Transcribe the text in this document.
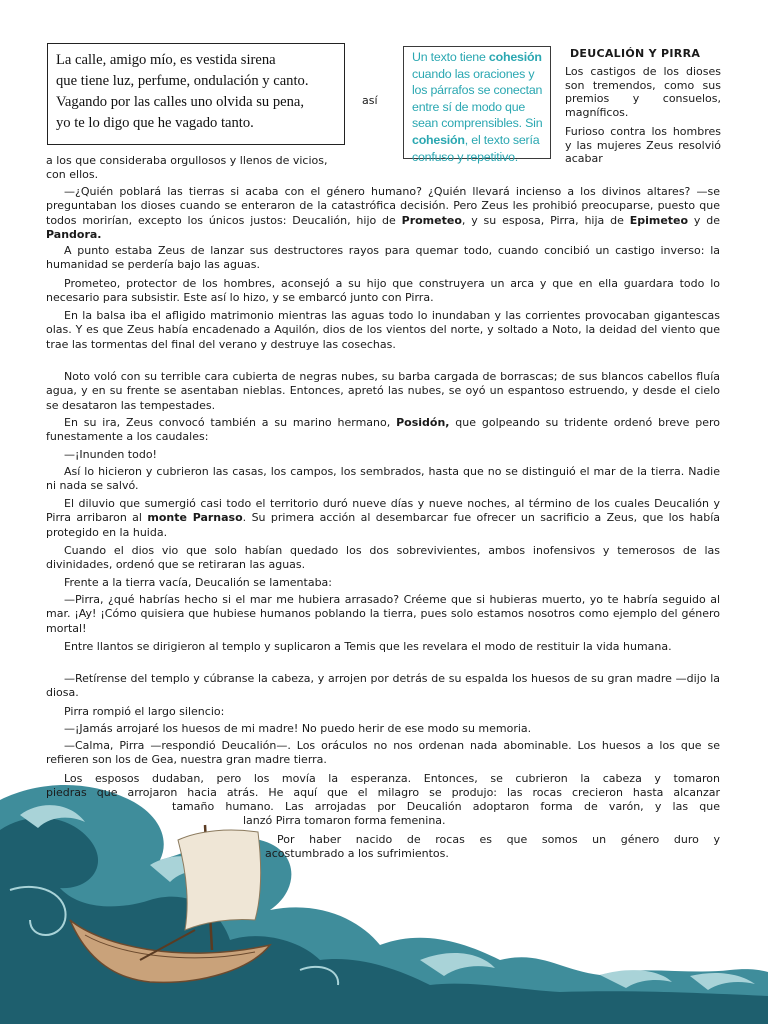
La calle, amigo mío, es vestida sirena
que tiene luz, perfume, ondulación y canto.
Vagando por las calles uno olvida su pena,
yo te lo digo que he vagado tanto.
así
Un texto tiene cohesión
cuando las oraciones y
los párrafos se conectan
entre sí de modo que
sean comprensibles. Sin
cohesión, el texto sería
confuso y repetitivo.
DEUCALIÓN Y PIRRA
Los castigos de los dioses son tremendos, como sus premios y consuelos, magníficos.
Furioso contra los hombres y las mujeres Zeus resolvió acabar
a los que consideraba orgullosos y llenos de vicios,
con ellos.

—¿Quién poblará las tierras si acaba con el género humano? ¿Quién llevará incienso a los divinos altares? —se preguntaban los dioses cuando se enteraron de la catastrófica decisión. Pero Zeus les prohibió preocuparse, puesto que todos morirían, excepto los únicos justos: Deucalión, hijo de Prometeo, y su esposa, Pirra, hija de Epimeteo y de Pandora.

A punto estaba Zeus de lanzar sus destructores rayos para quemar todo, cuando concibió un castigo inverso: la humanidad se perdería bajo las aguas.

Prometeo, protector de los hombres, aconsejó a su hijo que construyera un arca y que en ella guardara todo lo necesario para subsistir. Este así lo hizo, y se embarcó junto con Pirra.

En la balsa iba el afligido matrimonio mientras las aguas todo lo inundaban y las corrientes provocaban gigantescas olas. Y es que Zeus había encadenado a Aquilón, dios de los vientos del norte, y soltado a Noto, la deidad del viento que trae las tormentas del final del verano y destruye las cosechas.

Noto voló con su terrible cara cubierta de negras nubes, su barba cargada de borrascas; de sus blancos cabellos fluía agua, y en su frente se asentaban nieblas. Entonces, apretó las nubes, se oyó un espantoso estruendo, y desde el cielo se desataron las tempestades.

En su ira, Zeus convocó también a su marino hermano, Posidón, que golpeando su tridente ordenó breve pero funestamente a los caudales:

—¡Inunden todo!

Así lo hicieron y cubrieron las casas, los campos, los sembrados, hasta que no se distinguió el mar de la tierra. Nadie ni nada se salvó.

El diluvio que sumergió casi todo el territorio duró nueve días y nueve noches, al término de los cuales Deucalión y Pirra arribaron al monte Parnaso. Su primera acción al desembarcar fue ofrecer un sacrificio a Zeus, que los había protegido en la huida.

Cuando el dios vio que solo habían quedado los dos sobrevivientes, ambos inofensivos y temerosos de las divinidades, ordenó que se retiraran las aguas.

Frente a la tierra vacía, Deucalión se lamentaba:

—Pirra, ¿qué habrías hecho si el mar me hubiera arrasado? Créeme que si hubieras muerto, yo te habría seguido al mar. ¡Ay! ¡Cómo quisiera que hubiese humanos poblando la tierra, pues solo estamos nosotros como ejemplo del género mortal!

Entre llantos se dirigieron al templo y suplicaron a Temis que les revelara el modo de restituir la vida humana.

—Retírense del templo y cúbranse la cabeza, y arrojen por detrás de su espalda los huesos de su gran madre —dijo la diosa.

Pirra rompió el largo silencio:

—¡Jamás arrojaré los huesos de mi madre! No puedo herir de ese modo su memoria.

—Calma, Pirra —respondió Deucalión—. Los oráculos no nos ordenan nada abominable. Los huesos a los que se refieren son los de Gea, nuestra gran madre tierra.

Los esposos dudaban, pero los movía la esperanza. Entonces, se cubrieron la cabeza y tomaron
piedras que arrojaron hacia atrás. He aquí que el milagro se produjo: las rocas crecieron hasta alcanzar
tamaño humano. Las arrojadas por Deucalión adoptaron forma de varón, y las que
lanzó Pirra tomaron forma femenina.
Por haber nacido de rocas es que somos un género duro y
acostumbrado a los sufrimientos.
